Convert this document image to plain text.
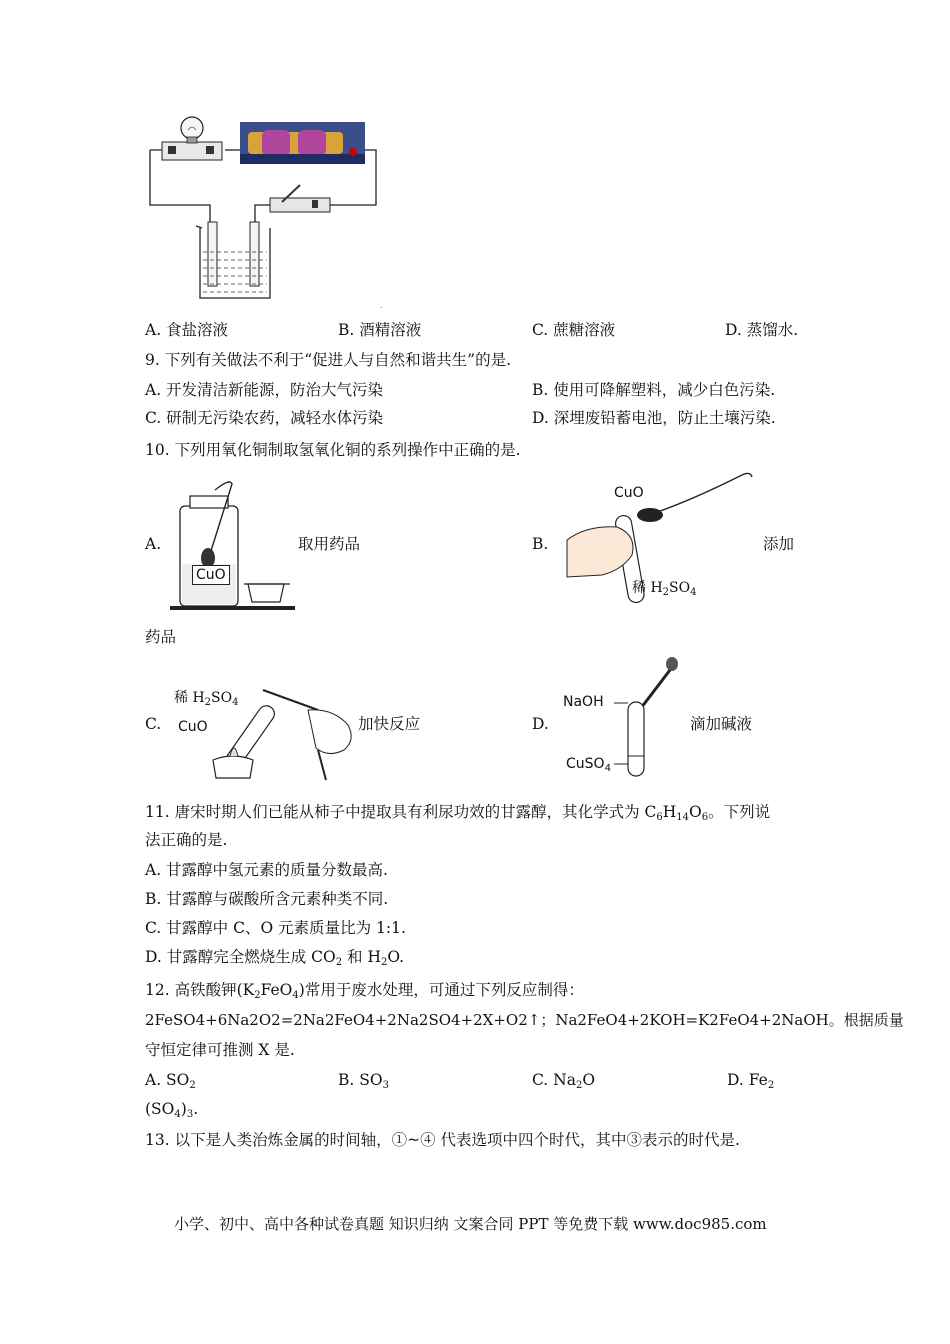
.
A. 食盐溶液	B. 酒精溶液	C. 蔗糖溶液	D. 蒸馏水.
9. 下列有关做法不利于“促进人与自然和谐共生”的是.
A. 开发清洁新能源，防治大气污染	B. 使用可降解塑料，减少白色污染.
C. 研制无污染农药，减轻水体污染	D. 深埋废铅蓄电池，防止土壤污染.
10. 下列用氧化铜制取氢氧化铜的系列操作中正确的是.
A.
CuO
取用药品	B.
CuO
稀 $H_2SO_4$
添加
药品
C.
稀 $H_2SO_4$
CuO	加快反应	D.
NaOH
CuSO$_4$
滴加碱液
11. 唐宋时期人们已能从柿子中提取具有利尿功效的甘露醇，其化学式为 $C_6H_{14}O_6$。下列说
法正确的是.
A. 甘露醇中氢元素的质量分数最高.
B. 甘露醇与碳酸所含元素种类不同.
C. 甘露醇中 C、O 元素质量比为 1:1.
D. 甘露醇完全燃烧生成 $CO_2$ 和 $H_2O$.
12. 高铁酸钾$(K_2FeO_4)$常用于废水处理，可通过下列反应制得：
2FeSO4+6Na2O2=2Na2FeO4+2Na2SO4+2X+O2↑；Na2FeO4+2KOH=K2FeO4+2NaOH。根据质量
守恒定律可推测 X 是.
A. $SO_2$	B. $SO_3$	C. $Na_2O$	D. $Fe_2$
$(SO_4)_3$.
13. 以下是人类治炼金属的时间轴，①~④ 代表选项中四个时代，其中③表示的时代是.
小学、初中、高中各种试卷真题 知识归纳 文案合同 PPT 等免费下载 www.doc985.com
